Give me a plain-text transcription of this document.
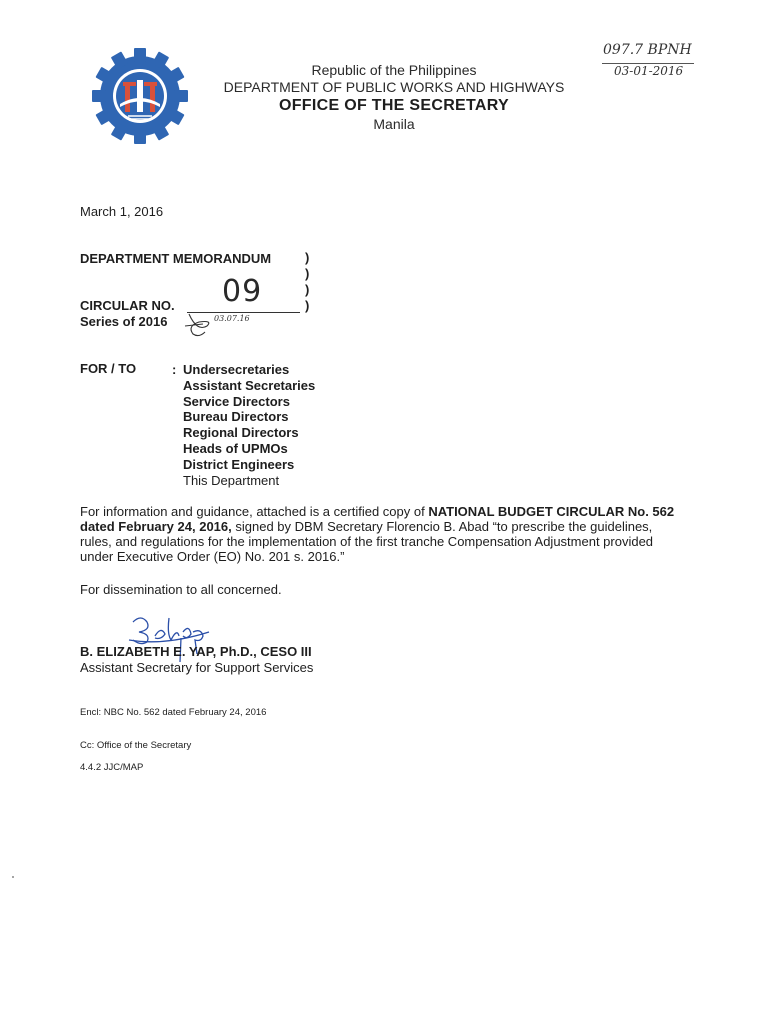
097.7 BPNH
03-01-2016
Republic of the Philippines
DEPARTMENT OF PUBLIC WORKS AND HIGHWAYS
OFFICE OF THE SECRETARY
Manila
March 1, 2016
DEPARTMENT MEMORANDUM	)
)
)
)
CIRCULAR NO. 09
Series of 2016	03.07.16
FOR / TO	: Undersecretaries
Assistant Secretaries
Service Directors
Bureau Directors
Regional Directors
Heads of UPMOs
District Engineers
This Department
For information and guidance, attached is a certified copy of NATIONAL BUDGET CIRCULAR No. 562 dated February 24, 2016, signed by DBM Secretary Florencio B. Abad “to prescribe the guidelines, rules, and regulations for the implementation of the first tranche Compensation Adjustment provided under Executive Order (EO) No. 201 s. 2016.”
For dissemination to all concerned.
B. ELIZABETH E. YAP, Ph.D., CESO III
Assistant Secretary for Support Services
Encl: NBC No. 562 dated February 24, 2016
Cc: Office of the Secretary
4.4.2 JJC/MAP
